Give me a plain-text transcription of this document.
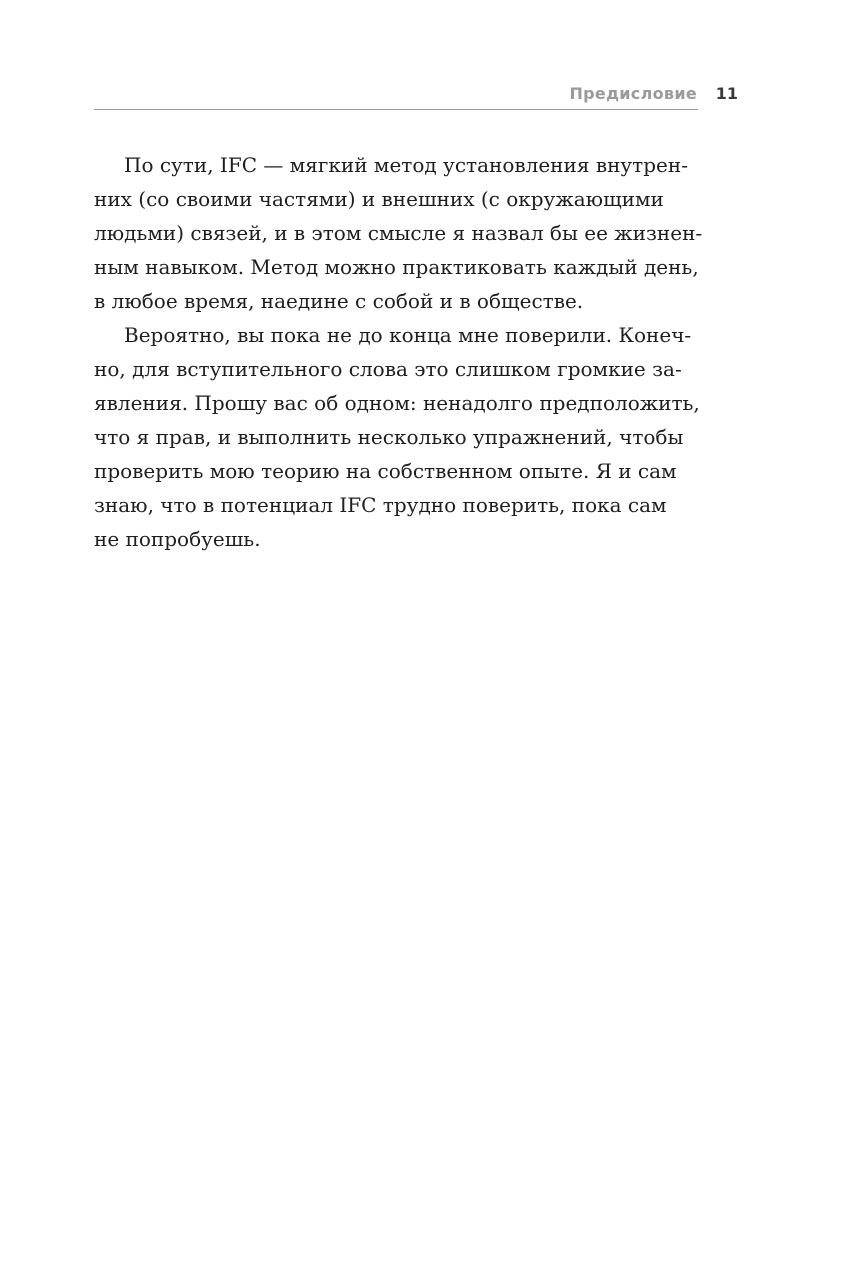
Предисловие 11
По сути, IFC — мягкий метод установления внутрен-
них (со своими частями) и внешних (с окружающими
людьми) связей, и в этом смысле я назвал бы ее жизнен-
ным навыком. Метод можно практиковать каждый день,
в любое время, наедине с собой и в обществе.
Вероятно, вы пока не до конца мне поверили. Конеч-
но, для вступительного слова это слишком громкие за-
явления. Прошу вас об одном: ненадолго предположить,
что я прав, и выполнить несколько упражнений, чтобы
проверить мою теорию на собственном опыте. Я и сам
знаю, что в потенциал IFC трудно поверить, пока сам
не попробуешь.
